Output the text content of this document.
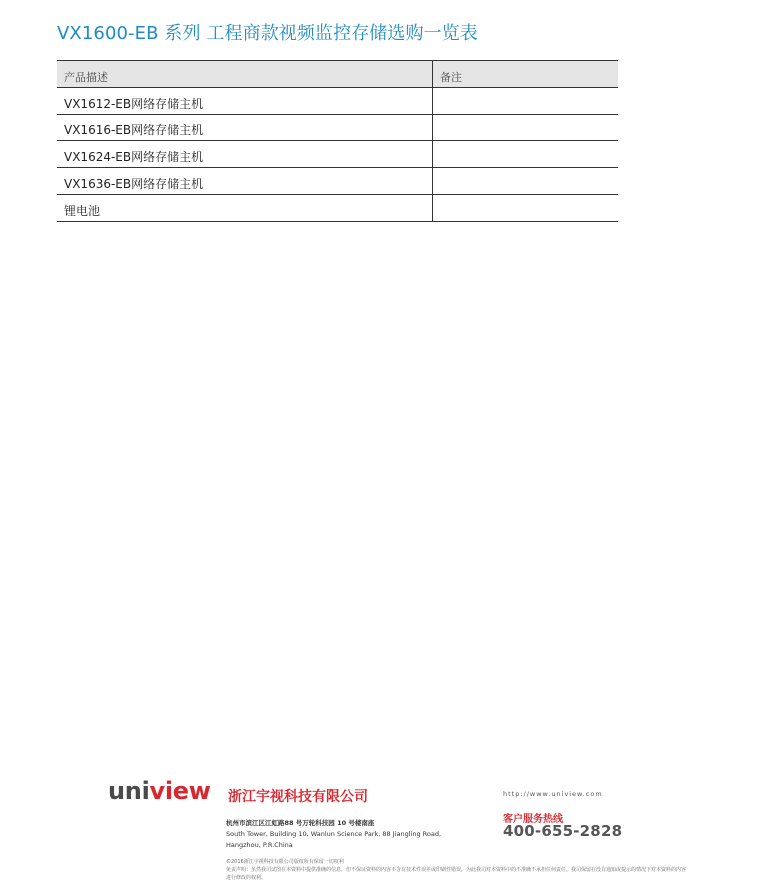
VX1600-EB 系列 工程商款视频监控存储选购一览表
产品描述	备注
VX1612-EB网络存储主机	
VX1616-EB网络存储主机	
VX1624-EB网络存储主机	
VX1636-EB网络存储主机	
锂电池	
uniview 浙江宇视科技有限公司
杭州市滨江区江虹路88 号万轮科技园 10 号楼南座
South Tower, Building 10, Wanlun Science Park, 88 Jiangling Road, Hangzhou, P.R.China
http://www.uniview.com
客户服务热线
400-655-2828
©2016浙江宇视科技有限公司版权所有保留一切权利
免责声明：虽然我司试图在本资料中提供准确的信息，但不保证资料的内容不含有技术性误差或印刷性错误，为此我司对本资料中的不准确不承担任何责任。我司保留在没有通知或提示的情况下对本资料的内容进行修改的权利。
